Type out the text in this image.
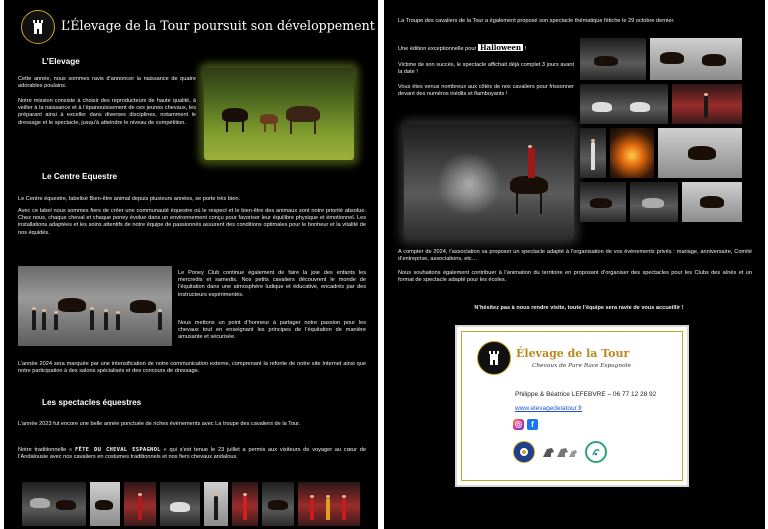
L’Élevage de la Tour poursuit son développement
L’Elevage
Cette année, nous sommes ravis d’annoncer la naissance de quatre adorables poulains.
Notre mission consiste à choisir des reproducteurs de haute qualité, à veiller à la naissance et à l’épanouissement de ces jeunes chevaux, les préparant ainsi à exceller dans diverses disciplines, notamment le dressage et le spectacle, jusqu’à atteindre le niveau de compétition.
Le Centre Equestre
Le Centre équestre, labelisé Bien-être animal depuis plusieurs années, se porte très bien.
Avec ce label nous sommes fiers de créer une communauté équestre où le respect et le bien-être des animaux sont notre priorité absolue. Chez nous, chaque cheval et chaque poney évolue dans un environnement conçu pour favoriser leur équilibre physique et émotionnel. Les installations adaptées et les soins attentifs de notre équipe de passionnés assurent des conditions optimales pour le bonheur et la vitalité de nos équidés.
Le Poney Club continue également de faire la joie des enfants les mercredis et samedis. Nos petits cavaliers découvrent le monde de l’équitation dans une atmosphère ludique et éducative, encadrés par des instructeurs expérimentés.
Nous mettons un point d’honneur à partager notre passion pour les chevaux tout en enseignant les principes de l’équitation de manière amusante et sécurisée.
L’année 2024 sera marquée par une intensification de notre communication externe, comprenant la refonte de notre site Internet ainsi que notre participation à des salons spécialisés et des concours de dressage.
Les spectacles équestres
L’année 2023 fut encore une belle année ponctuée de riches évènements avec La troupe des cavaliers de la Tour.
Notre traditionnelle « FÊTE DU CHEVAL ESPAGNOL » qui s’est tenue le 23 juillet a permis aux visiteurs de voyager au cœur de l’Andalousie avec nos cavaliers en costumes traditionnels et nos fiers chevaux andalous.
La Troupe des cavaliers de la Tour a également proposé son spectacle thématique fétiche le 29 octobre dernier.
Une édition exceptionnelle pour Halloween !
Victime de son succès, le spectacle affichait déjà complet 3 jours avant la date !
Vous étes venus nombreux aux côtés de nos cavaliers pour frissonner devant des numéros inédits et flamboyants !
A compter de 2024, l’association va proposer un spectacle adapté à l’organisation de vos évènements privés : mariage, anniversaire, Comité d’entreprise, associations, etc…
Nous souhaitons également contribuer à l’animation du territoire en proposant d’organiser des spectacles pour les Clubs des aînés et un format de spectacle adapté pour les écoles.
N’hésitez pas à nous rendre visite, toute l’équipe sera ravie de vous accueillir !
Élevage de la Tour
Chevaux de Pure Race Espagnole
Philippe & Béatrice LEFEBVRE – 06 77 12 28 92
www.elevagedelatour.fr
f
